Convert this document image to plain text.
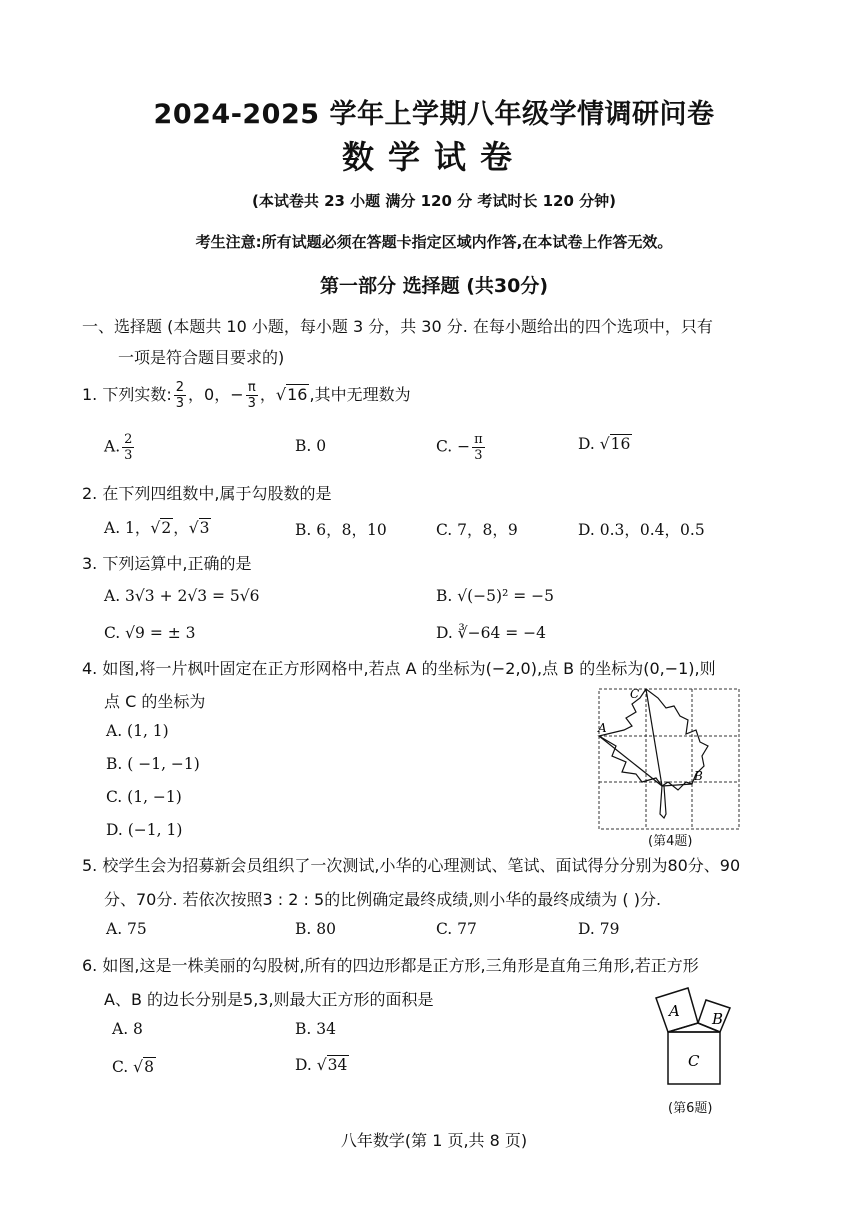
2024-2025 学年上学期八年级学情调研问卷
数学试卷
(本试卷共 23 小题 满分 120 分 考试时长 120 分钟)
考生注意:所有试题必须在答题卡指定区域内作答,在本试卷上作答无效。
第一部分 选择题 (共30分)
一、选择题 (本题共 10 小题，每小题 3 分，共 30 分. 在每小题给出的四个选项中，只有
一项是符合题目要求的)
1. 下列实数: $\frac{2}{3}$ ，0，− $\frac{\pi}{3}$ ，√16 ,其中无理数为
A. $\frac{2}{3}$	B. 0	C. − $\frac{\pi}{3}$	D. √16
2. 在下列四组数中,属于勾股数的是
A. 1，√2 ，√3	B. 6，8，10	C. 7，8，9	D. 0.3，0.4，0.5
3. 下列运算中,正确的是
A. 3√3 + 2√3 = 5√6	B. √(−5)² = −5
C. √9 = ± 3	D. ∛−64 = −4
4. 如图,将一片枫叶固定在正方形网格中,若点 A 的坐标为(−2,0),点 B 的坐标为(0,−1),则
点 C 的坐标为
A. (1, 1)
B. ( −1, −1)
C. (1, −1)
D. (−1, 1)
C
A
B
(第4题)
5. 校学生会为招募新会员组织了一次测试,小华的心理测试、笔试、面试得分分别为80分、90
分、70分. 若依次按照3 : 2 : 5的比例确定最终成绩,则小华的最终成绩为 ( )分.
A. 75	B. 80	C. 77	D. 79
6. 如图,这是一株美丽的勾股树,所有的四边形都是正方形,三角形是直角三角形,若正方形
A、B 的边长分别是5,3,则最大正方形的面积是
A. 8	B. 34
C. √8	D. √34
A B
C
(第6题)
八年数学(第 1 页,共 8 页)
